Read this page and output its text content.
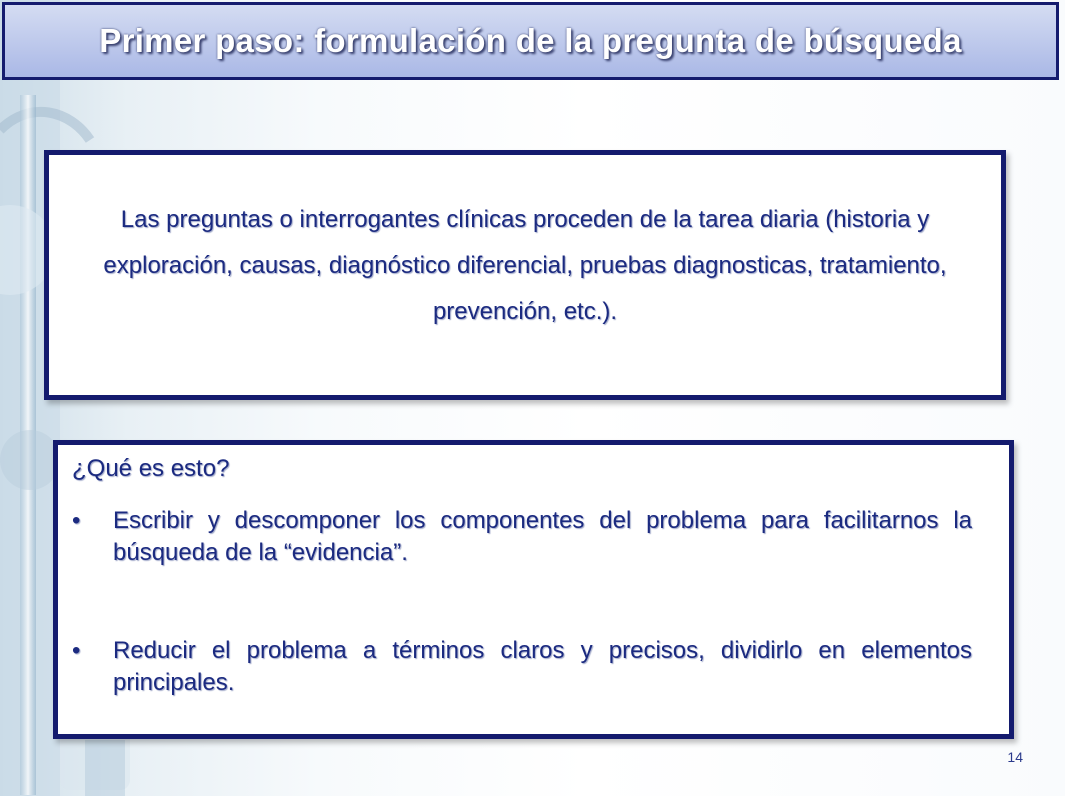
Primer paso: formulación de la pregunta de búsqueda
Las preguntas o interrogantes clínicas proceden de la tarea diaria (historia y exploración, causas, diagnóstico diferencial, pruebas diagnosticas, tratamiento, prevención, etc.).
¿Qué es esto?
•	Escribir y descomponer los componentes del problema para facilitarnos la búsqueda de la “evidencia”.
•	Reducir el problema a términos claros y precisos, dividirlo en elementos principales.
14
